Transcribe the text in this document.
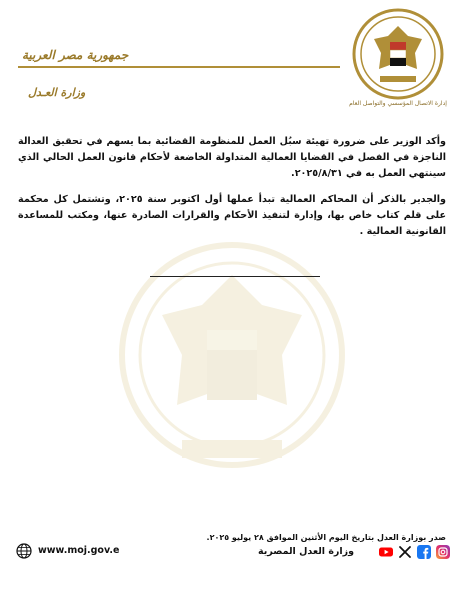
جمهورية مصر العربية
وزارة العـدل
إدارة الاتصال المؤسسي والتواصل العام

وأكد الوزير على ضرورة تهيئة سبُل العمل للمنظومة القضائية بما يسهم في تحقيق العدالة الناجزة في الفصل في القضايا العمالية المتداولة الخاضعة لأحكام قانون العمل الحالي الذي سينتهي العمل به في ٢٠٢٥/٨/٣١.

والجدير بالذكر أن المحاكم العمالية تبدأ عملها أول اكتوبر سنة ٢٠٢٥، وتشتمل كل محكمة على قلم كتاب خاص بها، وإدارة لتنفيذ الأحكام والقرارات الصادرة عنها، ومكتب للمساعدة القانونية العمالية .

صدر بوزارة العدل بتاريخ اليوم الأثنين الموافق ٢٨ يوليو ٢٠٢٥.
وزارة العدل المصرية
www.moj.gov.e
